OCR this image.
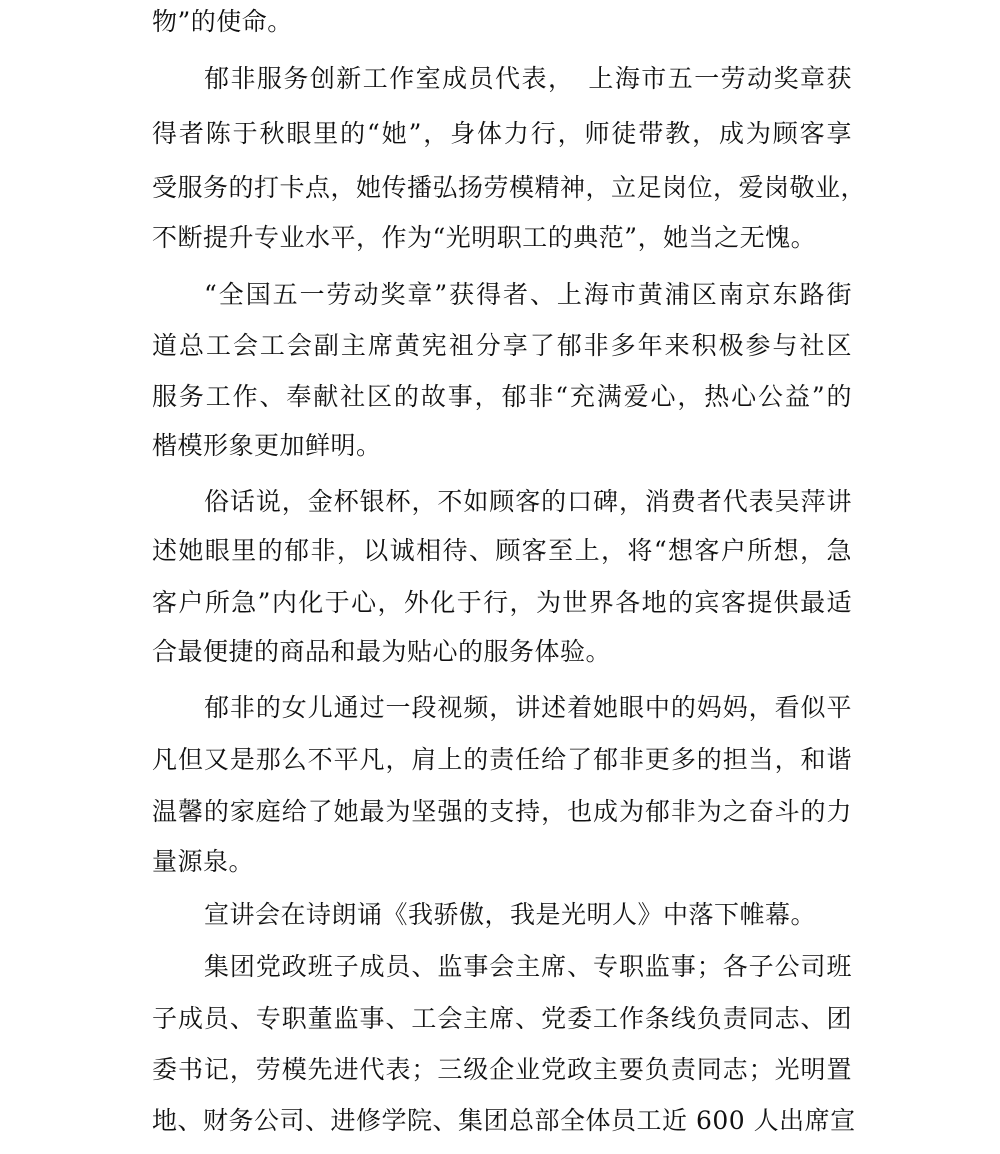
物”的使命。
郁非服务创新工作室成员代表，　上海市五一劳动奖章获
得者陈于秋眼里的“她”，身体力行，师徒带教，成为顾客享
受服务的打卡点，她传播弘扬劳模精神，立足岗位，爱岗敬业，
不断提升专业水平，作为“光明职工的典范”，她当之无愧。
“全国五一劳动奖章”获得者、上海市黄浦区南京东路街
道总工会工会副主席黄宪祖分享了郁非多年来积极参与社区
服务工作、奉献社区的故事，郁非“充满爱心，热心公益”的
楷模形象更加鲜明。
俗话说，金杯银杯，不如顾客的口碑，消费者代表吴萍讲
述她眼里的郁非，以诚相待、顾客至上，将“想客户所想，急
客户所急”内化于心，外化于行，为世界各地的宾客提供最适
合最便捷的商品和最为贴心的服务体验。
郁非的女儿通过一段视频，讲述着她眼中的妈妈，看似平
凡但又是那么不平凡，肩上的责任给了郁非更多的担当，和谐
温馨的家庭给了她最为坚强的支持，也成为郁非为之奋斗的力
量源泉。
宣讲会在诗朗诵《我骄傲，我是光明人》中落下帷幕。
集团党政班子成员、监事会主席、专职监事；各子公司班
子成员、专职董监事、工会主席、党委工作条线负责同志、团
委书记，劳模先进代表；三级企业党政主要负责同志；光明置
地、财务公司、进修学院、集团总部全体员工近 600 人出席宣
